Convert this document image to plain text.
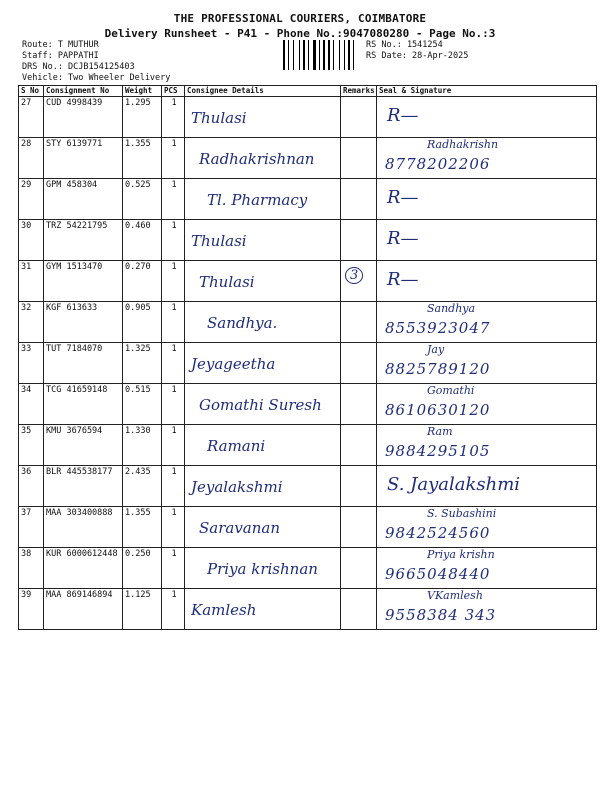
THE PROFESSIONAL COURIERS, COIMBATORE
Delivery Runsheet - P41 - Phone No.:9047080280 - Page No.:3
Route: T MUTHUR
Staff: PAPPATHI
DRS No.: DCJB154125403
Vehicle: Two Wheeler Delivery
RS No.: 1541254
RS Date: 28-Apr-2025
S No	Consignment No	Weight	PCS	Consignee Details	Remarks	Seal & Signature
27	CUD 4998439	1.295	1	Thulasi		R—

28	STY 6139771	1.355	1	Radhakrishnan		Radhakrishn
8778202206

29	GPM 458304	0.525	1	Tl. Pharmacy		R—

30	TRZ 54221795	0.460	1	Thulasi		R—

31	GYM 1513470	0.270	1	Thulasi	3	R—

32	KGF 613633	0.905	1	Sandhya.		Sandhya
8553923047

33	TUT 7184070	1.325	1	Jeyageetha		Jay
8825789120

34	TCG 41659148	0.515	1	Gomathi Suresh		Gomathi
8610630120

35	KMU 3676594	1.330	1	Ramani		Ram
9884295105

36	BLR 445538177	2.435	1	Jeyalakshmi		S. Jayalakshmi

37	MAA 303400888	1.355	1	Saravanan		S. Subashini
9842524560

38	KUR 6000612448	0.250	1	Priya krishnan		Priya krishn
9665048440

39	MAA 869146894	1.125	1	Kamlesh		VKamlesh
9558384 343
